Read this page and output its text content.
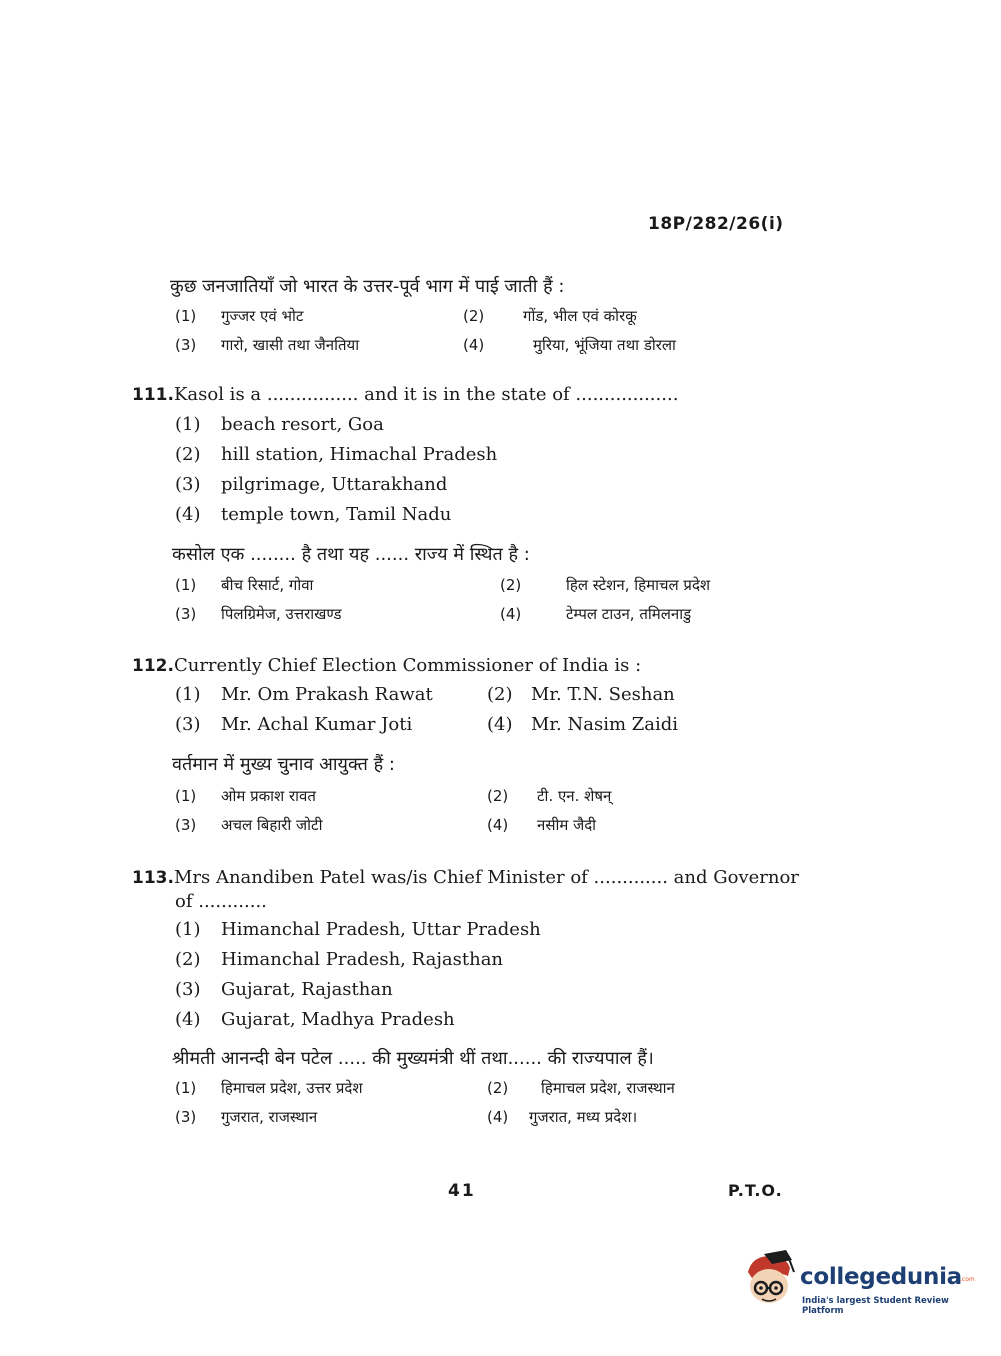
18P/282/26(i)
कुछ जनजातियाँ जो भारत के उत्तर-पूर्व भाग में पाई जाती हैं :
(1) गुज्जर एवं भोट	(2)	गोंड, भील एवं कोरकू
(3) गारो, खासी तथा जैनतिया	(4)	मुरिया, भूंजिया तथा डोरला
111.Kasol is a ................ and it is in the state of ..................
(1) beach resort, Goa
(2) hill station, Himachal Pradesh
(3) pilgrimage, Uttarakhand
(4) temple town, Tamil Nadu
कसोल एक ........ है तथा यह ...... राज्य में स्थित है :
(1) बीच रिसार्ट, गोवा	(2)	हिल स्टेशन, हिमाचल प्रदेश
(3) पिलग्रिमेज, उत्तराखण्ड	(4)	टेम्पल टाउन, तमिलनाडु
112.Currently Chief Election Commissioner of India is :
(1) Mr. Om Prakash Rawat	(2) Mr. T.N. Seshan
(3) Mr. Achal Kumar Joti	(4) Mr. Nasim Zaidi
वर्तमान में मुख्य चुनाव आयुक्त हैं :
(1) ओम प्रकाश रावत	(2) टी. एन. शेषन्
(3) अचल बिहारी जोटी	(4) नसीम जैदी
113.Mrs Anandiben Patel was/is Chief Minister of ............. and Governor
of ............
(1) Himanchal Pradesh, Uttar Pradesh
(2) Himanchal Pradesh, Rajasthan
(3) Gujarat, Rajasthan
(4) Gujarat, Madhya Pradesh
श्रीमती आनन्दी बेन पटेल ..... की मुख्यमंत्री थीं तथा...... की राज्यपाल हैं।
(1) हिमाचल प्रदेश, उत्तर प्रदेश	(2) हिमाचल प्रदेश, राजस्थान
(3) गुजरात, राजस्थान	(4) गुजरात, मध्य प्रदेश।
41	P.T.O.
collegedunia
.com
India's largest Student Review Platform
